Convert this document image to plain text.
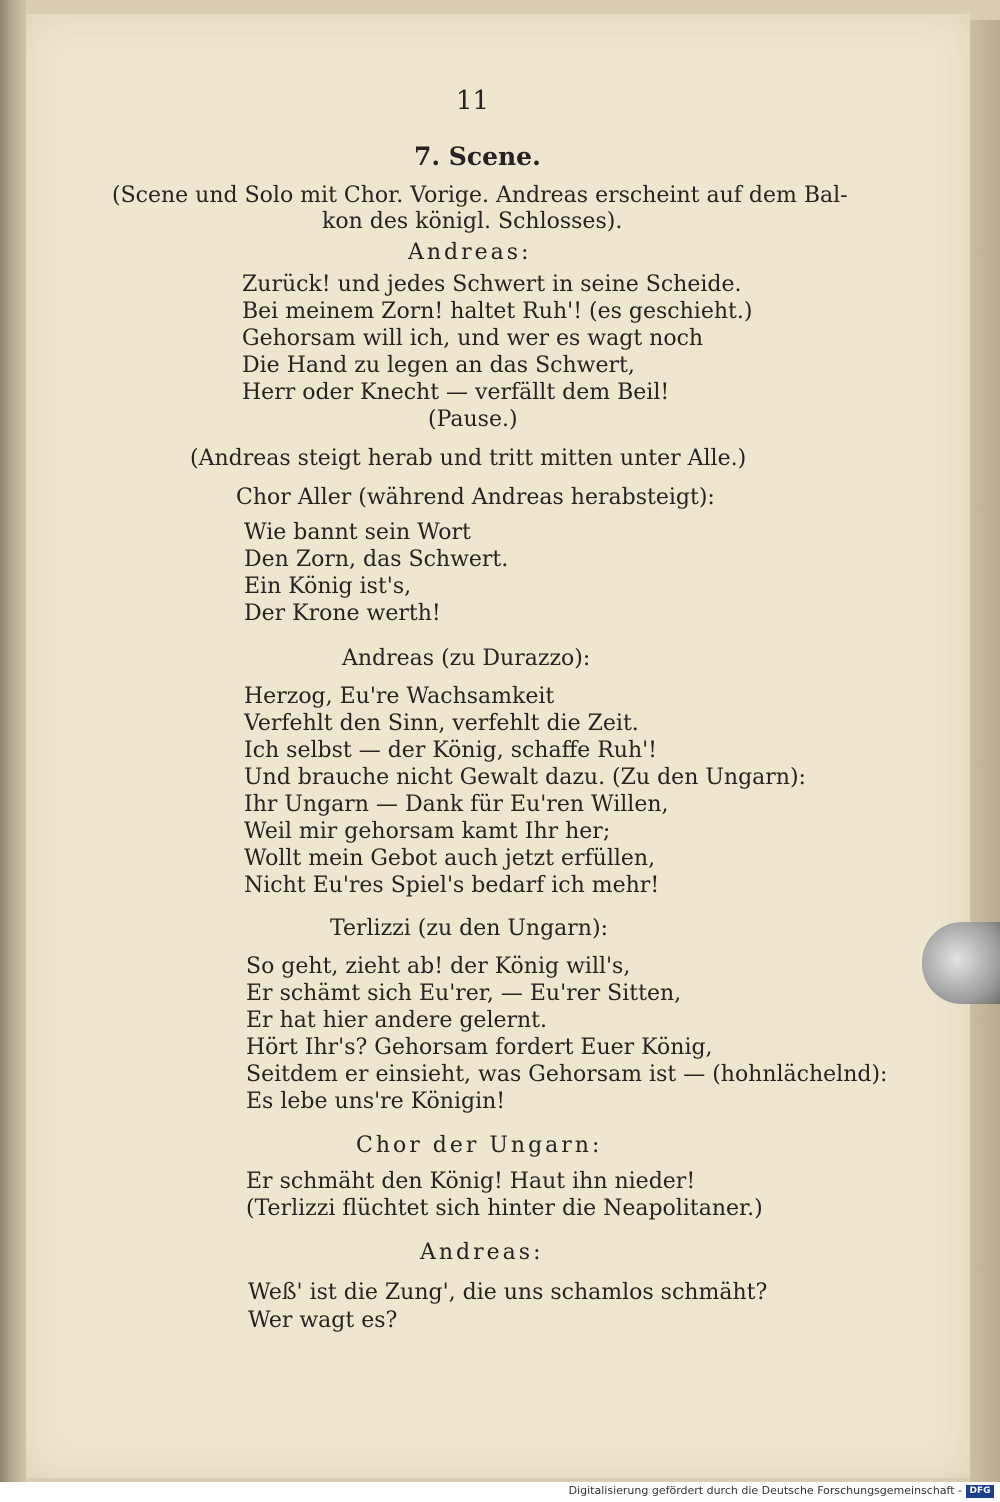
11
7. Scene.
(Scene und Solo mit Chor. Vorige. Andreas erscheint auf dem Bal-
kon des königl. Schlosses).
Andreas:
Zurück! und jedes Schwert in seine Scheide.
Bei meinem Zorn! haltet Ruh'! (es geschieht.)
Gehorsam will ich, und wer es wagt noch
Die Hand zu legen an das Schwert,
Herr oder Knecht — verfällt dem Beil!
(Pause.)
(Andreas steigt herab und tritt mitten unter Alle.)
Chor Aller (während Andreas herabsteigt):
Wie bannt sein Wort
Den Zorn, das Schwert.
Ein König ist's,
Der Krone werth!
Andreas (zu Durazzo):
Herzog, Eu're Wachsamkeit
Verfehlt den Sinn, verfehlt die Zeit.
Ich selbst — der König, schaffe Ruh'!
Und brauche nicht Gewalt dazu. (Zu den Ungarn):
Ihr Ungarn — Dank für Eu'ren Willen,
Weil mir gehorsam kamt Ihr her;
Wollt mein Gebot auch jetzt erfüllen,
Nicht Eu'res Spiel's bedarf ich mehr!
Terlizzi (zu den Ungarn):
So geht, zieht ab! der König will's,
Er schämt sich Eu'rer, — Eu'rer Sitten,
Er hat hier andere gelernt.
Hört Ihr's? Gehorsam fordert Euer König,
Seitdem er einsieht, was Gehorsam ist — (hohnlächelnd):
Es lebe uns're Königin!
Chor der Ungarn:
Er schmäht den König! Haut ihn nieder!
(Terlizzi flüchtet sich hinter die Neapolitaner.)
Andreas:
Weß' ist die Zung', die uns schamlos schmäht?
Wer wagt es?
Digitalisierung gefördert durch die Deutsche Forschungsgemeinschaft - DFG
